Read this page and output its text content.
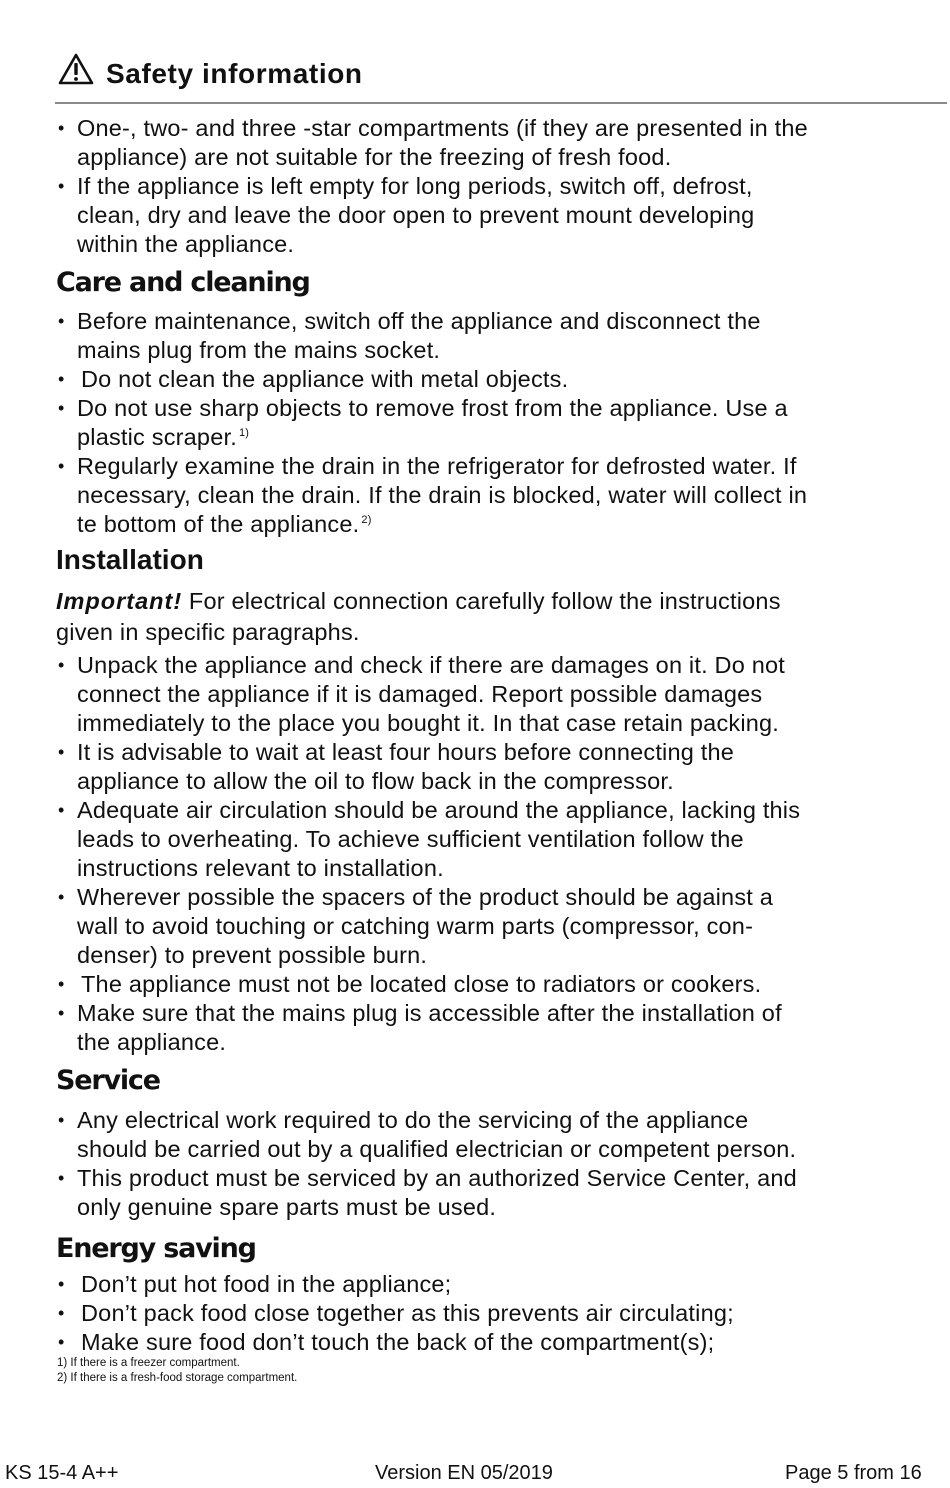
Safety information
• One-, two- and three -star compartments (if they are presented in the
appliance) are not suitable for the freezing of fresh food.
• If the appliance is left empty for long periods, switch off, defrost,
clean, dry and leave the door open to prevent mount developing
within the appliance.
Care and cleaning
• Before maintenance, switch off the appliance and disconnect the
mains plug from the mains socket.
• Do not clean the appliance with metal objects.
• Do not use sharp objects to remove frost from the appliance. Use a
plastic scraper. $^{1)}$
• Regularly examine the drain in the refrigerator for defrosted water. If
necessary, clean the drain. If the drain is blocked, water will collect in
te bottom of the appliance. $^{2)}$
Installation

Important! For electrical connection carefully follow the instructions
given in specific paragraphs.

• Unpack the appliance and check if there are damages on it. Do not
connect the appliance if it is damaged. Report possible damages
immediately to the place you bought it. In that case retain packing.
• It is advisable to wait at least four hours before connecting the
appliance to allow the oil to flow back in the compressor.
• Adequate air circulation should be around the appliance, lacking this
leads to overheating. To achieve sufficient ventilation follow the
instructions relevant to installation.
• Wherever possible the spacers of the product should be against a
wall to avoid touching or catching warm parts (compressor, con-
denser) to prevent possible burn.
• The appliance must not be located close to radiators or cookers.
• Make sure that the mains plug is accessible after the installation of
the appliance.
Service
• Any electrical work required to do the servicing of the appliance
should be carried out by a qualified electrician or competent person.
• This product must be serviced by an authorized Service Center, and
only genuine spare parts must be used.
Energy saving
• Don’t put hot food in the appliance;
• Don’t pack food close together as this prevents air circulating;
• Make sure food don’t touch the back of the compartment(s);
1) If there is a freezer compartment.
2) If there is a fresh-food storage compartment.
KS 15-4 A++	Version EN 05/2019	Page 5 from 16
